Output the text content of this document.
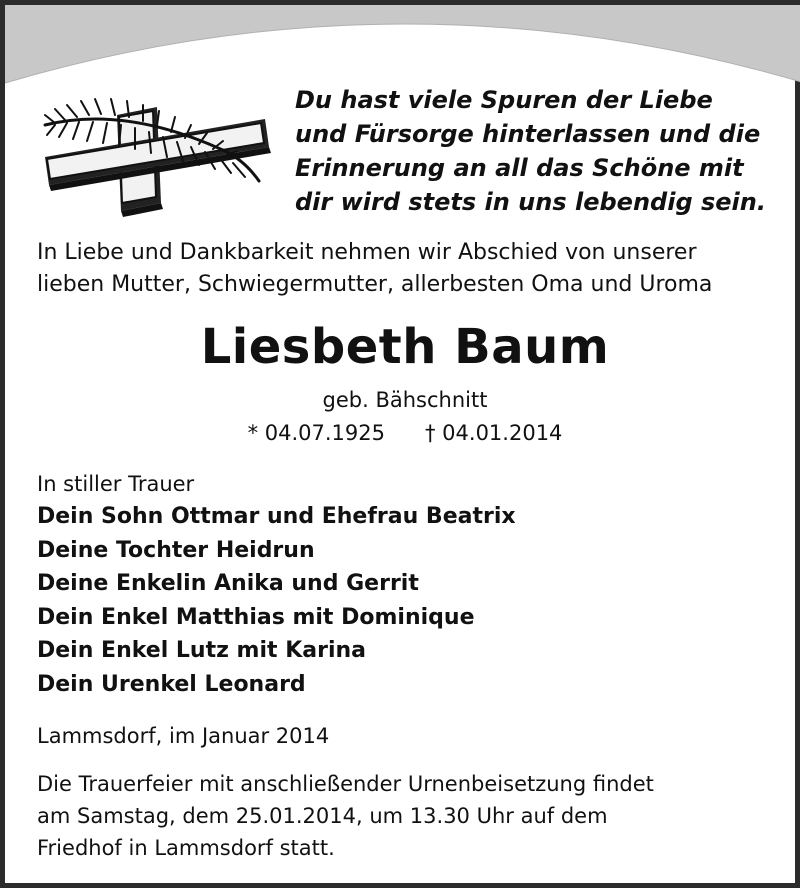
Du hast viele Spuren der Liebe
und Fürsorge hinterlassen und die
Erinnerung an all das Schöne mit
dir wird stets in uns lebendig sein.
In Liebe und Dankbarkeit nehmen wir Abschied von unserer
lieben Mutter, Schwiegermutter, allerbesten Oma und Uroma
Liesbeth Baum
geb. Bähschnitt
* 04.07.1925 † 04.01.2014
In stiller Trauer
Dein Sohn Ottmar und Ehefrau Beatrix
Deine Tochter Heidrun
Deine Enkelin Anika und Gerrit
Dein Enkel Matthias mit Dominique
Dein Enkel Lutz mit Karina
Dein Urenkel Leonard
Lammsdorf, im Januar 2014
Die Trauerfeier mit anschließender Urnenbeisetzung findet
am Samstag, dem 25.01.2014, um 13.30 Uhr auf dem
Friedhof in Lammsdorf statt.
